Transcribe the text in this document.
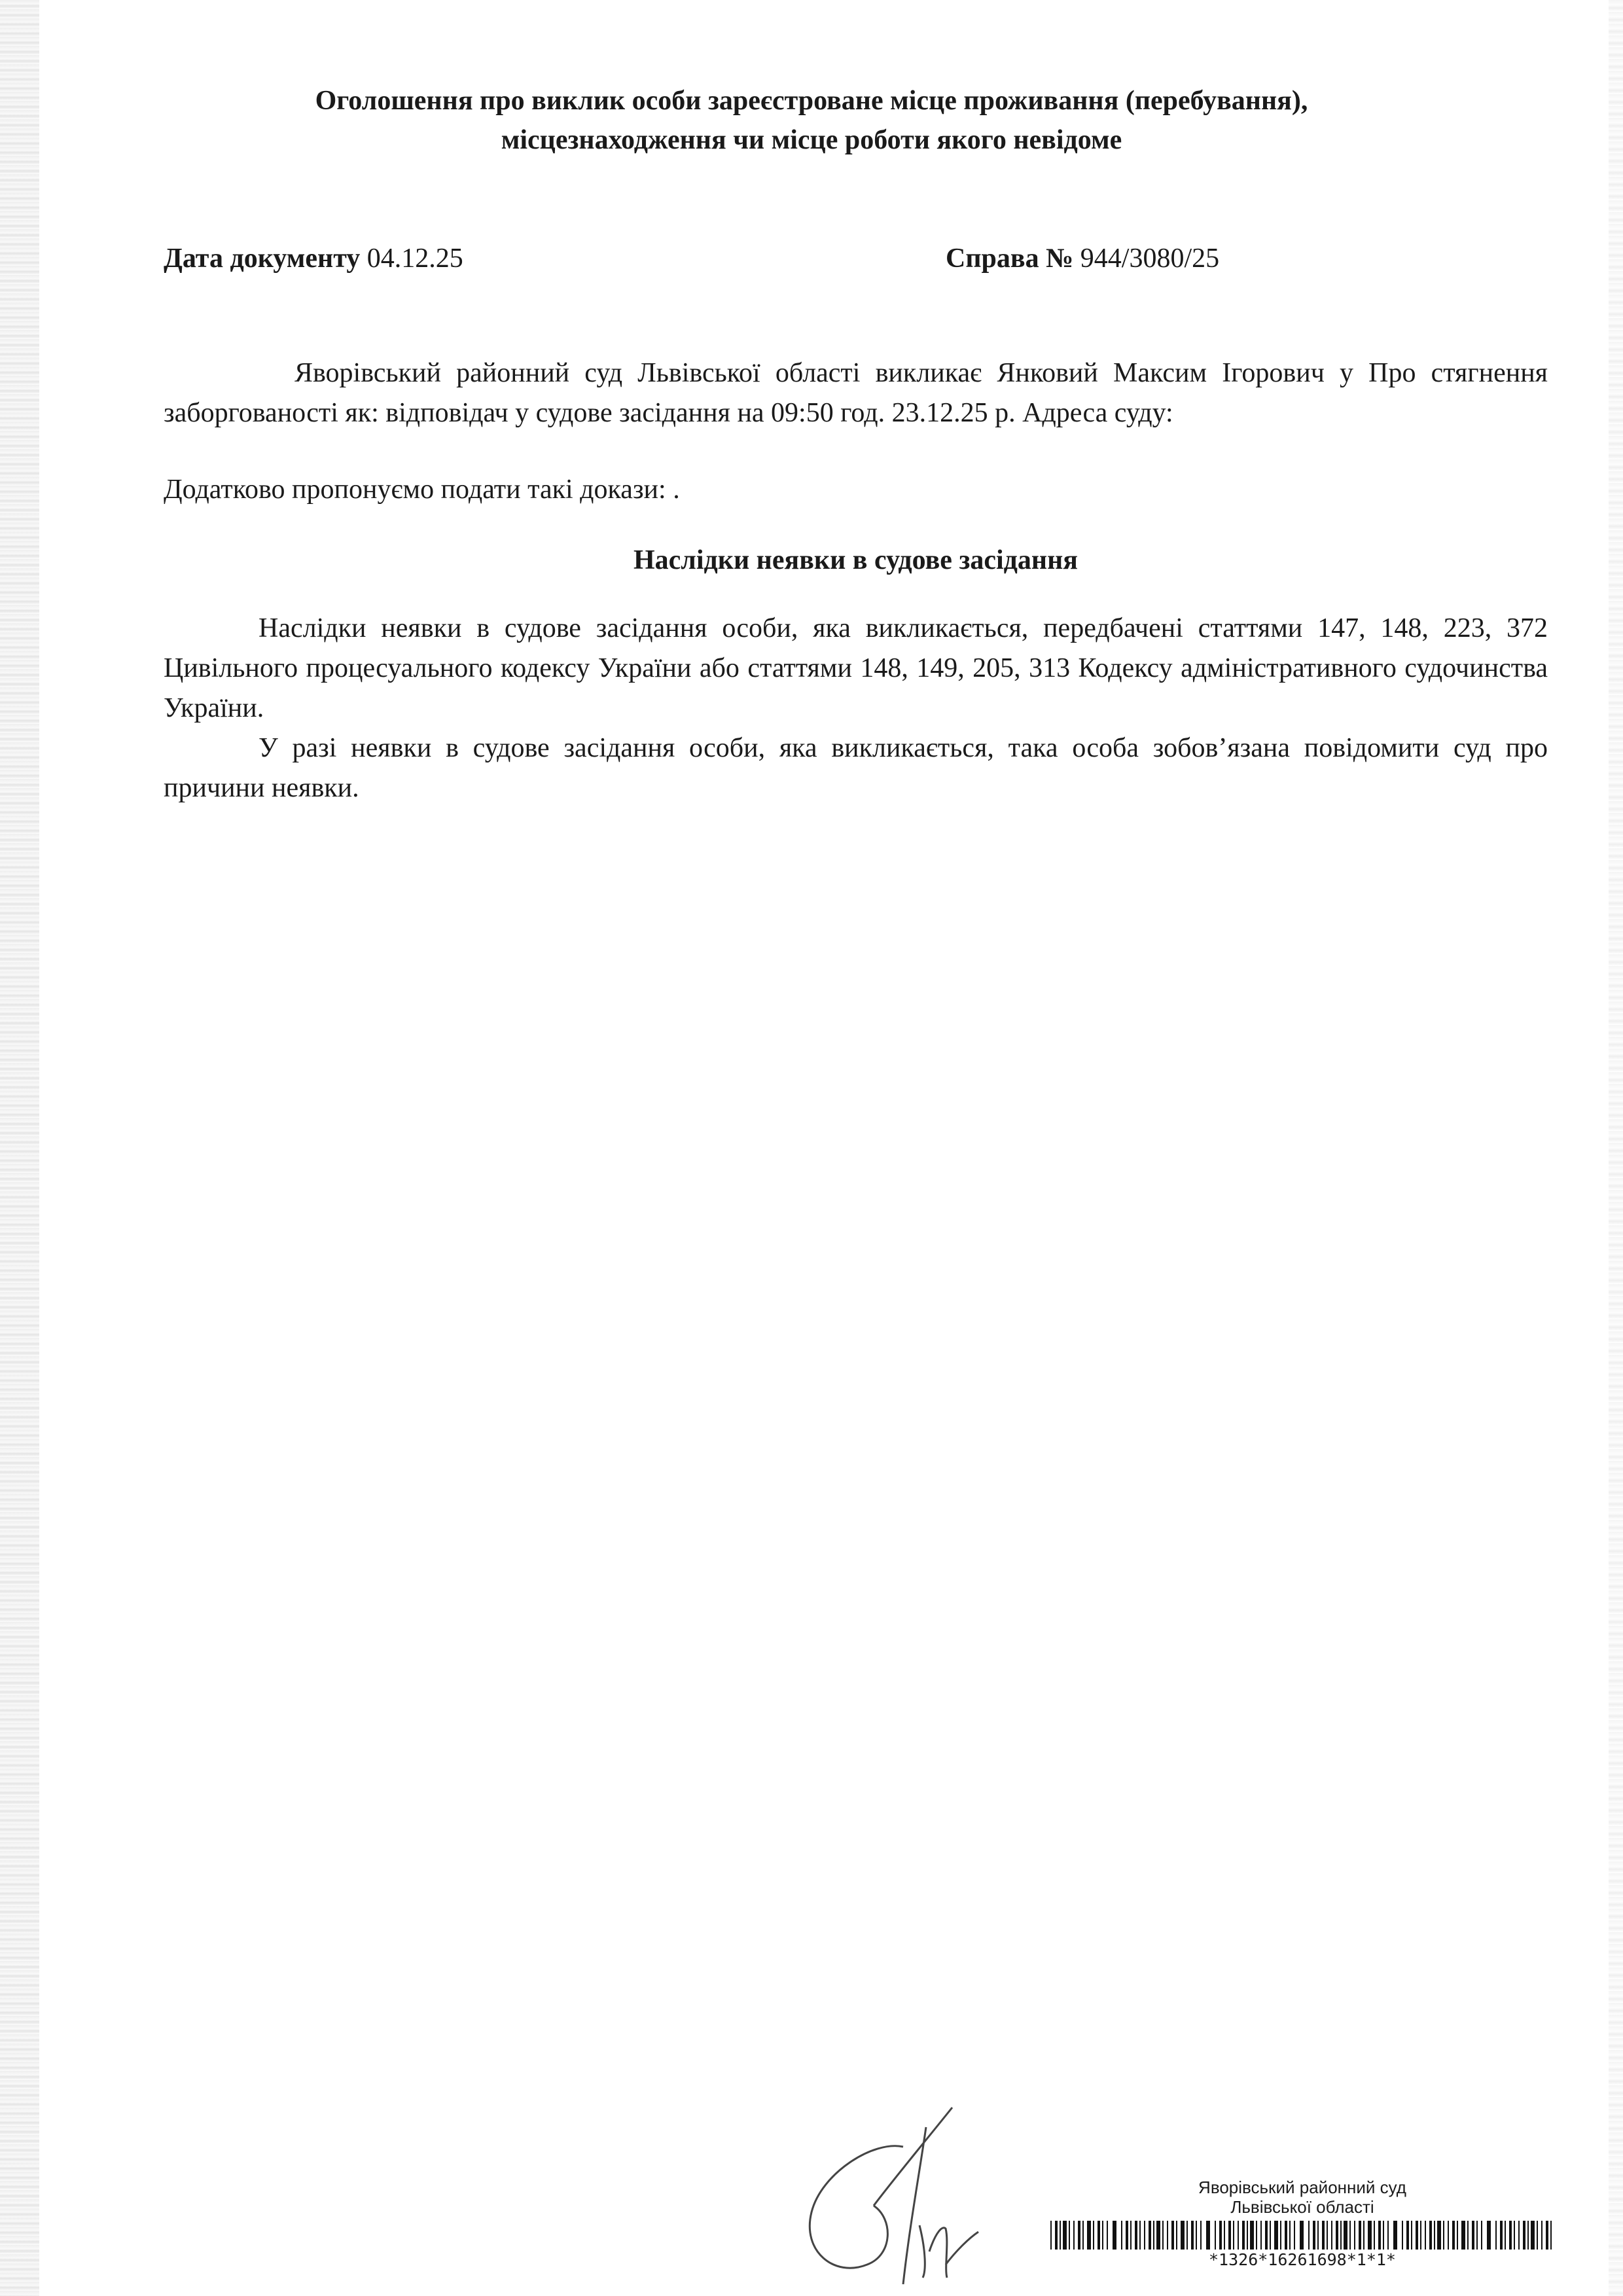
Оголошення про виклик особи зареєстроване місце проживання (перебування),
місцезнаходження чи місце роботи якого невідоме
Дата документу 04.12.25	Справа № 944/3080/25
Яворівський районний суд Львівської області викликає Янковий Максим Ігорович у Про стягнення заборгованості як: відповідач у судове засідання на 09:50 год. 23.12.25 р. Адреса суду:
Додатково пропонуємо подати такі докази: .
Наслідки неявки в судове засідання
Наслідки неявки в судове засідання особи, яка викликається, передбачені статтями 147, 148, 223, 372 Цивільного процесуального кодексу України або статтями 148, 149, 205, 313 Кодексу адміністративного судочинства України.
У разі неявки в судове засідання особи, яка викликається, така особа зобов’язана повідомити суд про причини неявки.
Яворівський районний суд
Львівської області
*1326*16261698*1*1*
